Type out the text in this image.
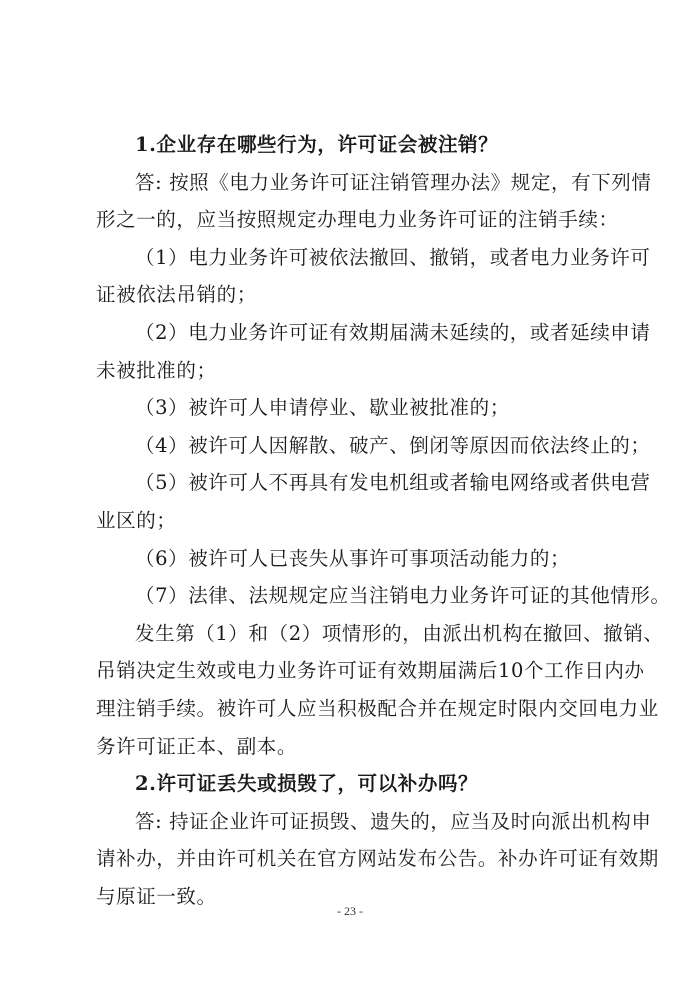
1.企业存在哪些行为，许可证会被注销？
答: 按照《电力业务许可证注销管理办法》规定，有下列情
形之一的，应当按照规定办理电力业务许可证的注销手续：
（1）电力业务许可被依法撤回、撤销，或者电力业务许可
证被依法吊销的；
（2）电力业务许可证有效期届满未延续的，或者延续申请
未被批准的；
（3）被许可人申请停业、歇业被批准的；
（4）被许可人因解散、破产、倒闭等原因而依法终止的；
（5）被许可人不再具有发电机组或者输电网络或者供电营
业区的；
（6）被许可人已丧失从事许可事项活动能力的；
（7）法律、法规规定应当注销电力业务许可证的其他情形。
发生第（1）和（2）项情形的，由派出机构在撤回、撤销、
吊销决定生效或电力业务许可证有效期届满后10个工作日内办
理注销手续。被许可人应当积极配合并在规定时限内交回电力业
务许可证正本、副本。
2.许可证丢失或损毁了，可以补办吗？
答: 持证企业许可证损毁、遗失的，应当及时向派出机构申
请补办，并由许可机关在官方网站发布公告。补办许可证有效期
与原证一致。
- 23 -
